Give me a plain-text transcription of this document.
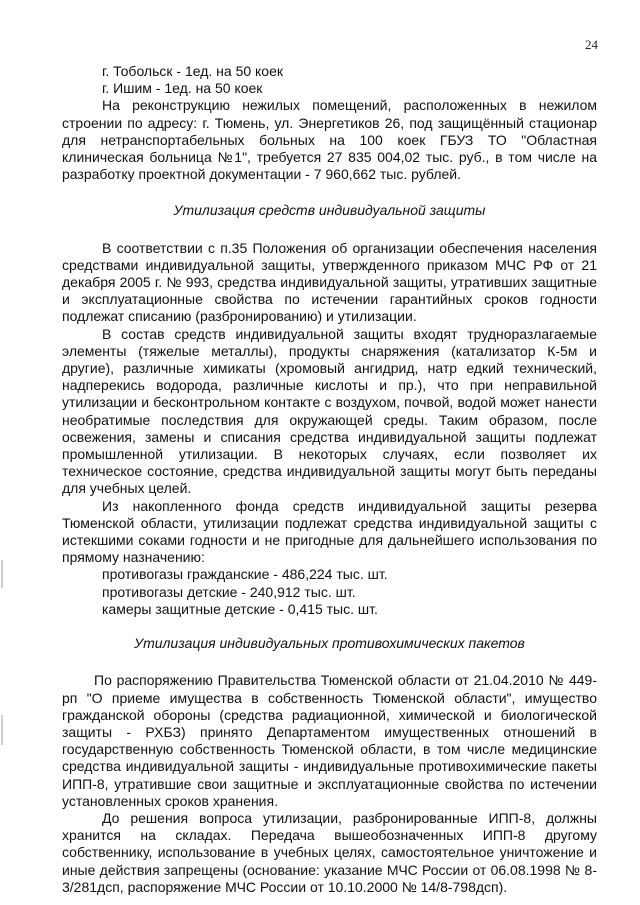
24

г. Тобольск - 1ед. на 50 коек

г. Ишим - 1ед. на 50 коек

На реконструкцию нежилых помещений, расположенных в нежилом строении по адресу: г. Тюмень, ул. Энергетиков 26, под защищённый стационар для нетранспортабельных больных на 100 коек ГБУЗ ТО "Областная клиническая больница №1", требуется 27 835 004,02 тыс. руб., в том числе на разработку проектной документации - 7 960,662 тыс. рублей.

Утилизация средств индивидуальной защиты

В соответствии с п.35 Положения об организации обеспечения населения средствами индивидуальной защиты, утвержденного приказом МЧС РФ от 21 декабря 2005 г. № 993, средства индивидуальной защиты, утративших защитные и эксплуатационные свойства по истечении гарантийных сроков годности подлежат списанию (разбронированию) и утилизации.

В состав средств индивидуальной защиты входят трудноразлагаемые элементы (тяжелые металлы), продукты снаряжения (катализатор К-5м и другие), различные химикаты (хромовый ангидрид, натр едкий технический, надперекись водорода, различные кислоты и пр.), что при неправильной утилизации и бесконтрольном контакте с воздухом, почвой, водой может нанести необратимые последствия для окружающей среды. Таким образом, после освежения, замены и списания средства индивидуальной защиты подлежат промышленной утилизации. В некоторых случаях, если позволяет их техническое состояние, средства индивидуальной защиты могут быть переданы для учебных целей.

Из накопленного фонда средств индивидуальной защиты резерва Тюменской области, утилизации подлежат средства индивидуальной защиты с истекшими соками годности и не пригодные для дальнейшего использования по прямому назначению:

противогазы гражданские - 486,224 тыс. шт.

противогазы детские - 240,912 тыс. шт.

камеры защитные детские - 0,415 тыс. шт.

Утилизация индивидуальных противохимических пакетов

По распоряжению Правительства Тюменской области от 21.04.2010 № 449-рп "О приеме имущества в собственность Тюменской области", имущество гражданской обороны (средства радиационной, химической и биологической защиты - РХБЗ) принято Департаментом имущественных отношений в государственную собственность Тюменской области, в том числе медицинские средства индивидуальной защиты - индивидуальные противохимические пакеты ИПП-8, утратившие свои защитные и эксплуатационные свойства по истечении установленных сроков хранения.

До решения вопроса утилизации, разбронированные ИПП-8, должны хранится на складах. Передача вышеобозначенных ИПП-8 другому собственнику, использование в учебных целях, самостоятельное уничтожение и иные действия запрещены (основание: указание МЧС России от 06.08.1998 № 8-3/281дсп, распоряжение МЧС России от 10.10.2000 № 14/8-798дсп).
